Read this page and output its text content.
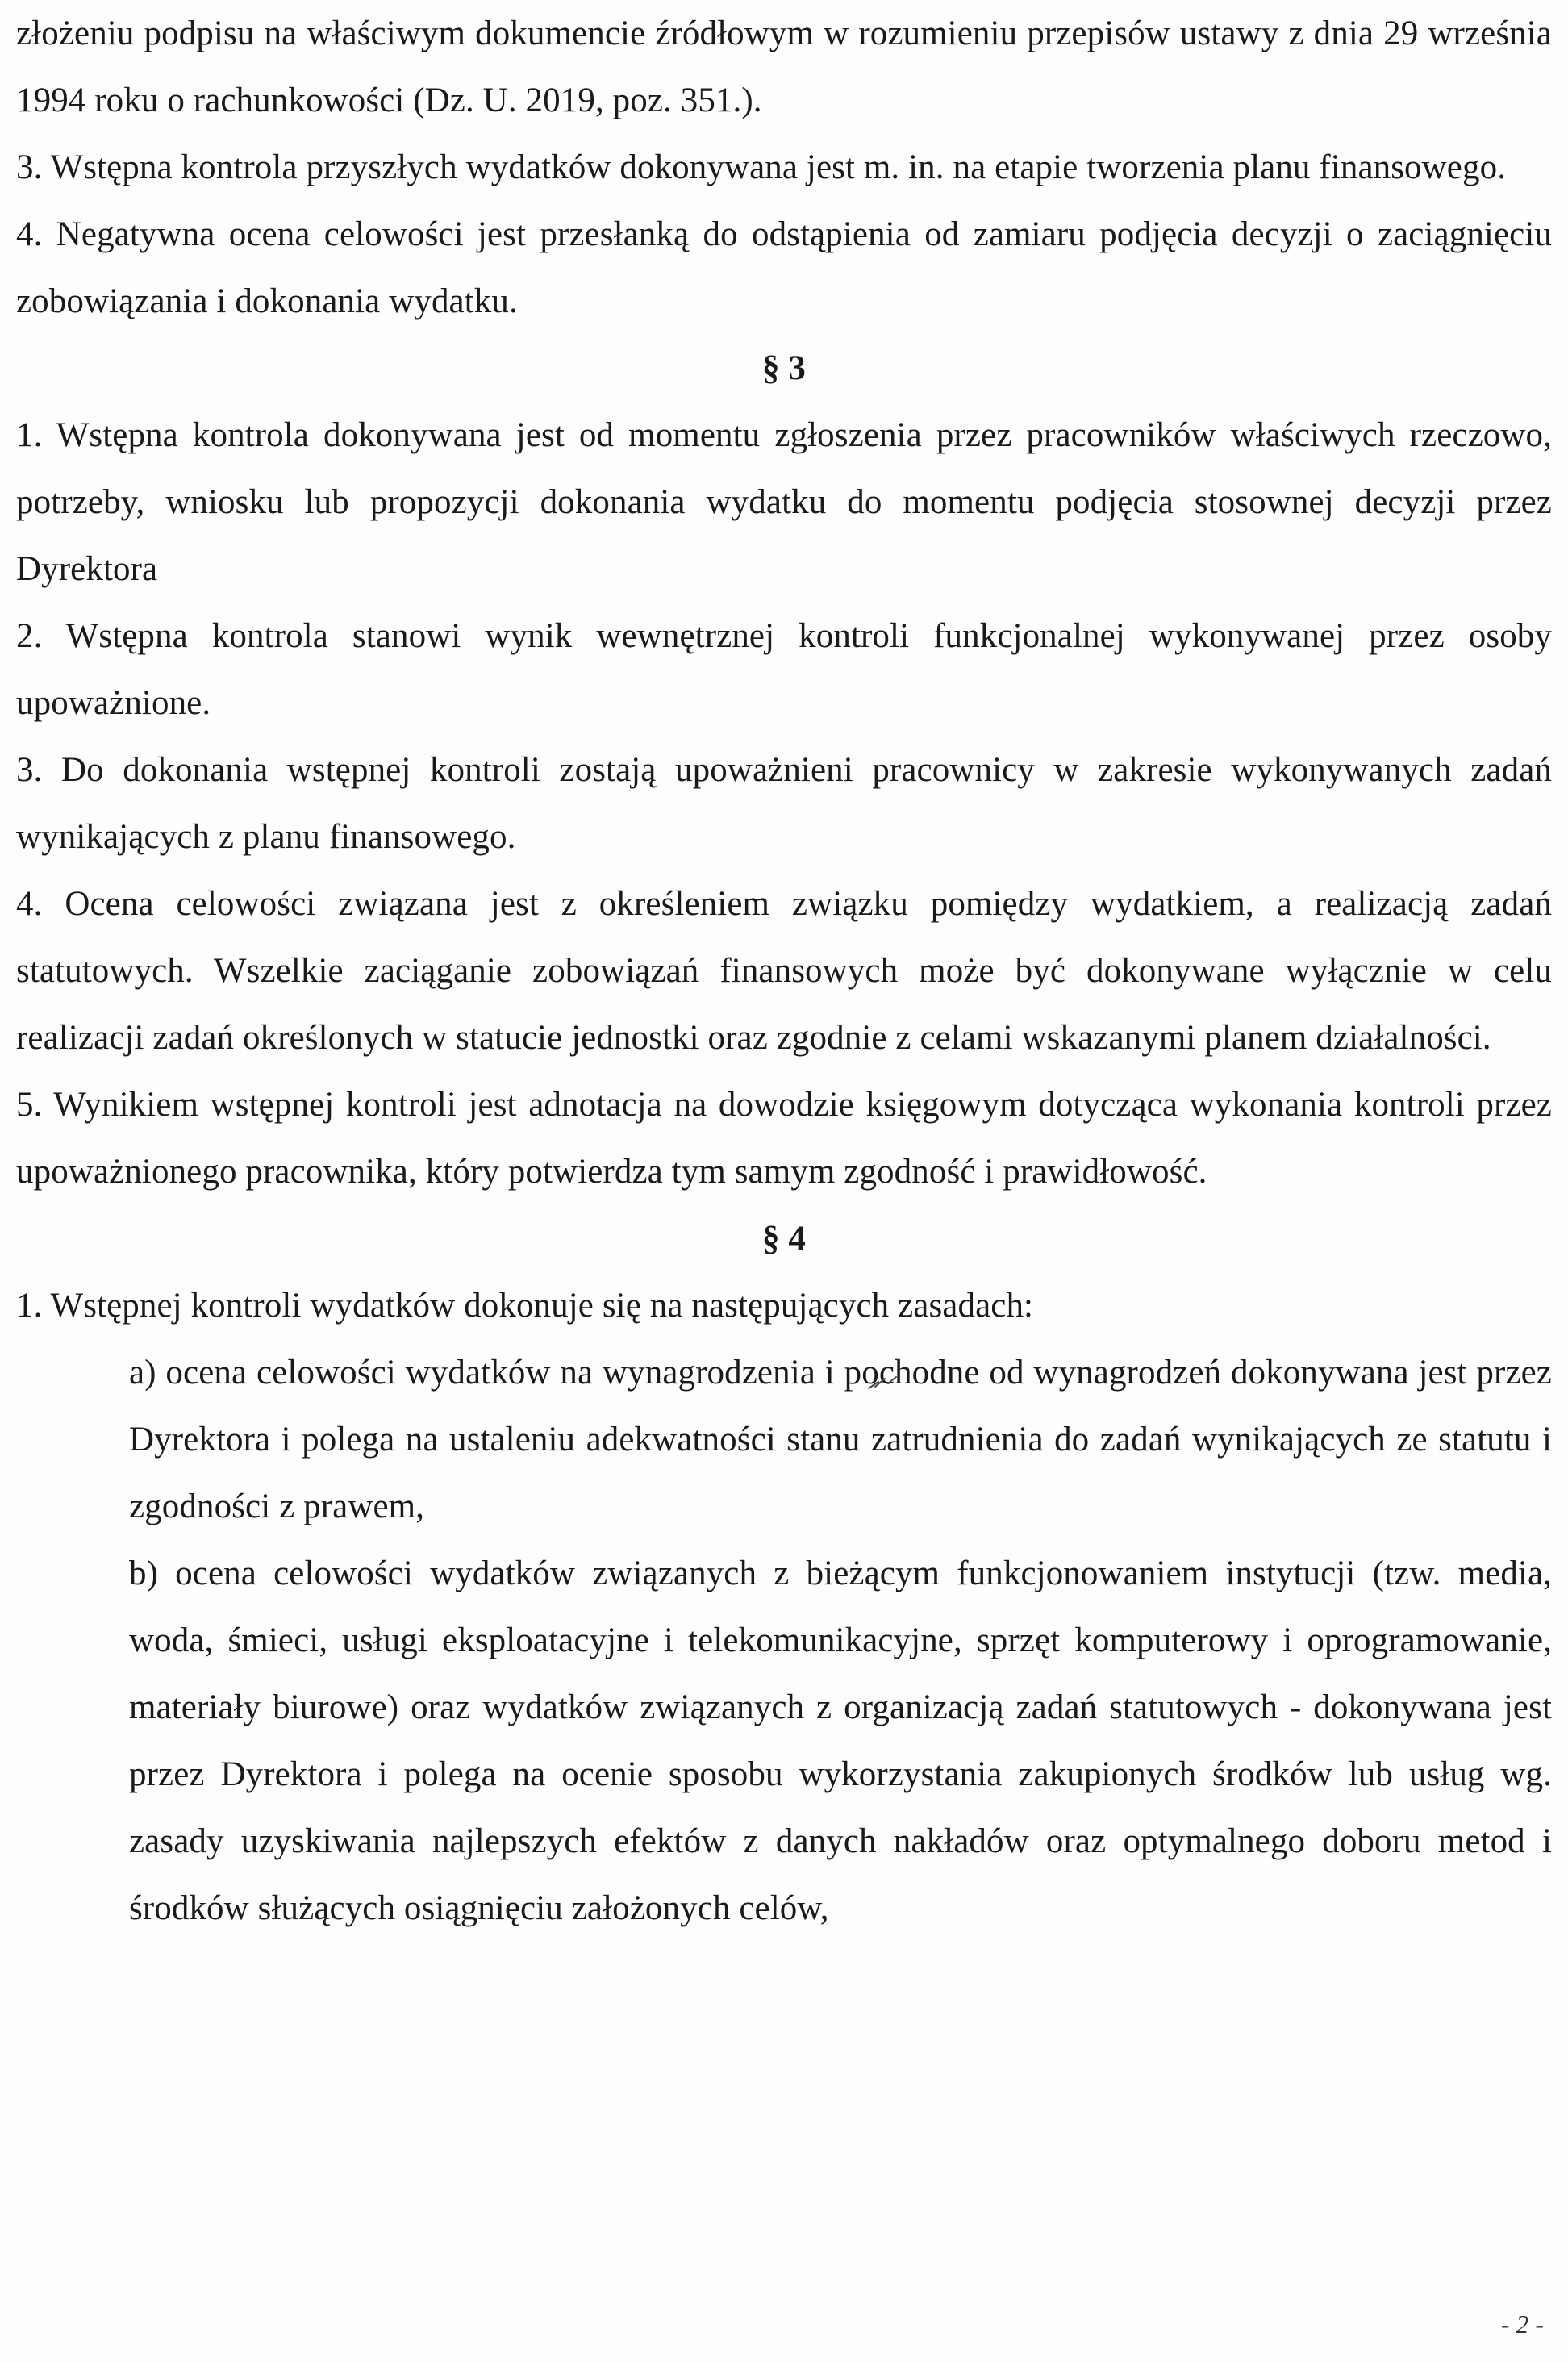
złożeniu podpisu na właściwym dokumencie źródłowym w rozumieniu przepisów ustawy z dnia 29 września 1994 roku o rachunkowości (Dz. U. 2019, poz. 351.).

3. Wstępna kontrola przyszłych wydatków dokonywana jest m. in. na etapie tworzenia planu finansowego.

4. Negatywna ocena celowości jest przesłanką do odstąpienia od zamiaru podjęcia decyzji o zaciągnięciu zobowiązania i dokonania wydatku.

§ 3

1. Wstępna kontrola dokonywana jest od momentu zgłoszenia przez pracowników właściwych rzeczowo, potrzeby, wniosku lub propozycji dokonania wydatku do momentu podjęcia stosownej decyzji przez Dyrektora

2. Wstępna kontrola stanowi wynik wewnętrznej kontroli funkcjonalnej wykonywanej przez osoby upoważnione.

3. Do dokonania wstępnej kontroli zostają upoważnieni pracownicy w zakresie wykonywanych zadań wynikających z planu finansowego.

4. Ocena celowości związana jest z określeniem związku pomiędzy wydatkiem, a realizacją zadań statutowych. Wszelkie zaciąganie zobowiązań finansowych może być dokonywane wyłącznie w celu realizacji zadań określonych w statucie jednostki oraz zgodnie z celami wskazanymi planem działalności.

5. Wynikiem wstępnej kontroli jest adnotacja na dowodzie księgowym dotycząca wykonania kontroli przez upoważnionego pracownika, który potwierdza tym samym zgodność i prawidłowość.

§ 4

1. Wstępnej kontroli wydatków dokonuje się na następujących zasadach:

a) ocena celowości wydatków na wynagrodzenia i pochodne od wynagrodzeń dokonywana jest przez Dyrektora i polega na ustaleniu adekwatności stanu zatrudnienia do zadań wynikających ze statutu i zgodności z prawem,

b) ocena celowości wydatków związanych z bieżącym funkcjonowaniem instytucji (tzw. media, woda, śmieci, usługi eksploatacyjne i telekomunikacyjne, sprzęt komputerowy i oprogramowanie, materiały biurowe) oraz wydatków związanych z organizacją zadań statutowych - dokonywana jest przez Dyrektora i polega na ocenie sposobu wykorzystania zakupionych środków lub usług wg. zasady uzyskiwania najlepszych efektów z danych nakładów oraz optymalnego doboru metod i środków służących osiągnięciu założonych celów,

- 2 -
